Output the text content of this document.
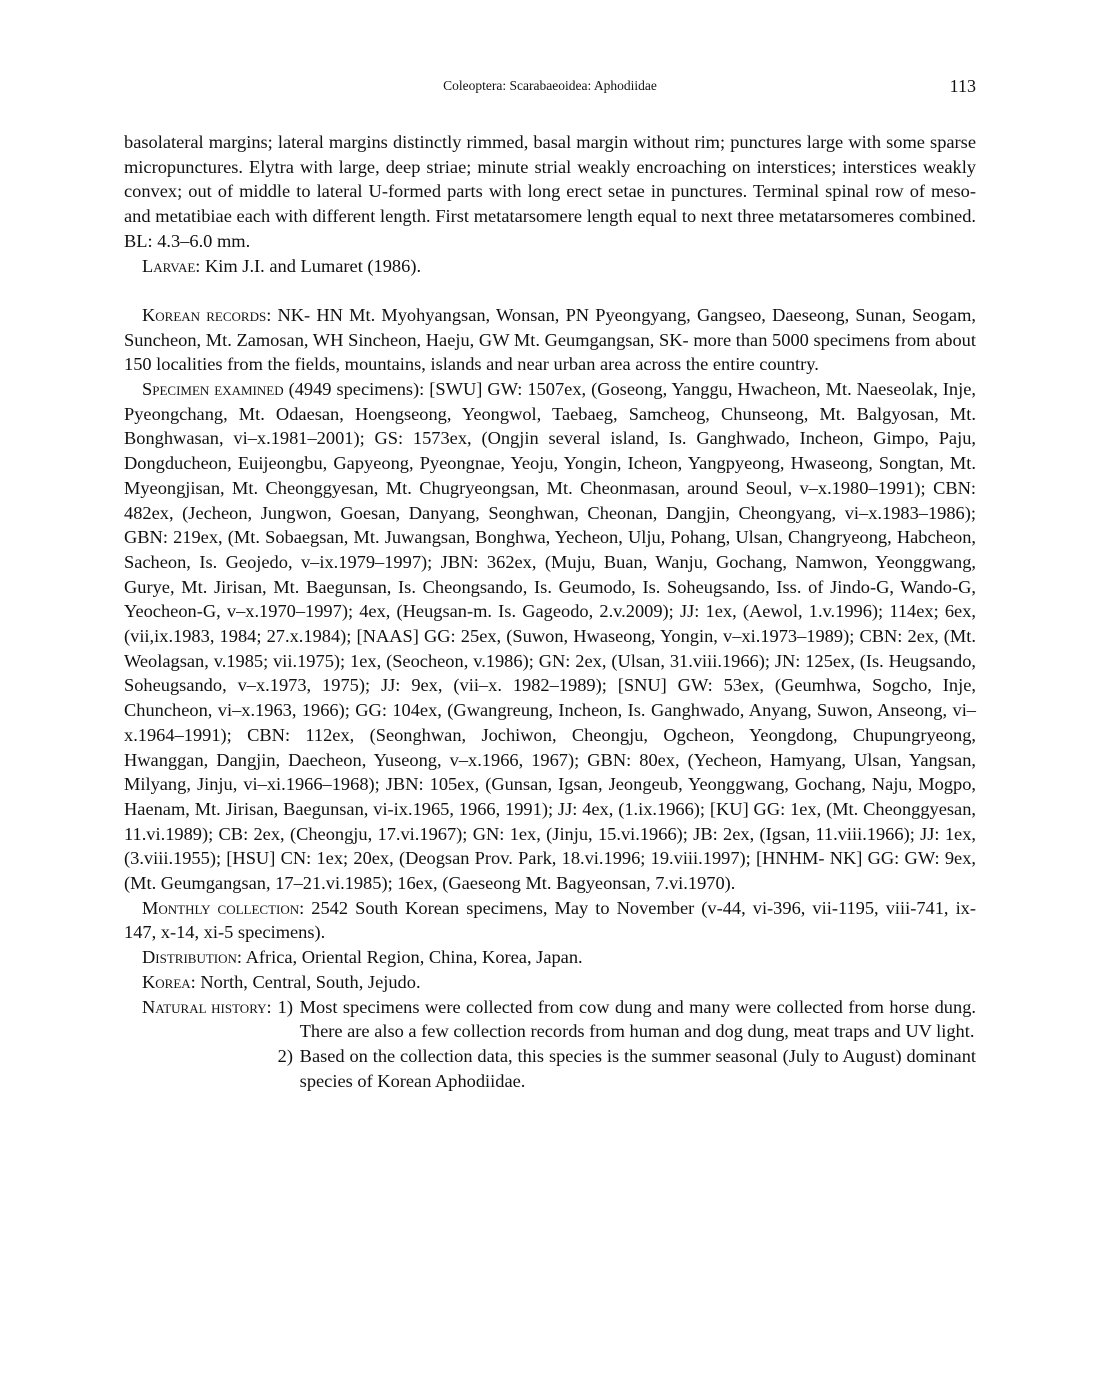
Coleoptera: Scarabaeoidea: Aphodiidae	113

basolateral margins; lateral margins distinctly rimmed, basal margin without rim; punctures large with some sparse micropunctures. Elytra with large, deep striae; minute strial weakly encroaching on interstices; interstices weakly convex; out of middle to lateral U-formed parts with long erect setae in punctures. Terminal spinal row of meso- and metatibiae each with different length. First metatarsomere length equal to next three metatarsomeres combined. BL: 4.3–6.0 mm.

Larvae: Kim J.I. and Lumaret (1986).

Korean records: NK- HN Mt. Myohyangsan, Wonsan, PN Pyeongyang, Gangseo, Daeseong, Sunan, Seogam, Suncheon, Mt. Zamosan, WH Sincheon, Haeju, GW Mt. Geumgangsan, SK- more than 5000 specimens from about 150 localities from the fields, mountains, islands and near urban area across the entire country.

Specimen examined (4949 specimens): [SWU] GW: 1507ex, (Goseong, Yanggu, Hwacheon, Mt. Naeseolak, Inje, Pyeongchang, Mt. Odaesan, Hoengseong, Yeongwol, Taebaeg, Samcheog, Chunseong, Mt. Balgyosan, Mt. Bonghwasan, vi–x.1981–2001); GS: 1573ex, (Ongjin several island, Is. Ganghwado, Incheon, Gimpo, Paju, Dongducheon, Euijeongbu, Gapyeong, Pyeongnae, Yeoju, Yongin, Icheon, Yangpyeong, Hwaseong, Songtan, Mt. Myeongjisan, Mt. Cheonggyesan, Mt. Chugryeongsan, Mt. Cheonmasan, around Seoul, v–x.1980–1991); CBN: 482ex, (Jecheon, Jungwon, Goesan, Danyang, Seonghwan, Cheonan, Dangjin, Cheongyang, vi–x.1983–1986); GBN: 219ex, (Mt. Sobaegsan, Mt. Juwangsan, Bonghwa, Yecheon, Ulju, Pohang, Ulsan, Changryeong, Habcheon, Sacheon, Is. Geojedo, v–ix.1979–1997); JBN: 362ex, (Muju, Buan, Wanju, Gochang, Namwon, Yeonggwang, Gurye, Mt. Jirisan, Mt. Baegunsan, Is. Cheongsando, Is. Geumodo, Is. Soheugsando, Iss. of Jindo-G, Wando-G, Yeocheon-G, v–x.1970–1997); 4ex, (Heugsan-m. Is. Gageodo, 2.v.2009); JJ: 1ex, (Aewol, 1.v.1996); 114ex; 6ex, (vii,ix.1983, 1984; 27.x.1984); [NAAS] GG: 25ex, (Suwon, Hwaseong, Yongin, v–xi.1973–1989); CBN: 2ex, (Mt. Weolagsan, v.1985; vii.1975); 1ex, (Seocheon, v.1986); GN: 2ex, (Ulsan, 31.viii.1966); JN: 125ex, (Is. Heugsando, Soheugsando, v–x.1973, 1975); JJ: 9ex, (vii–x. 1982–1989); [SNU] GW: 53ex, (Geumhwa, Sogcho, Inje, Chuncheon, vi–x.1963, 1966); GG: 104ex, (Gwangreung, Incheon, Is. Ganghwado, Anyang, Suwon, Anseong, vi–x.1964–1991); CBN: 112ex, (Seonghwan, Jochiwon, Cheongju, Ogcheon, Yeongdong, Chupungryeong, Hwanggan, Dangjin, Daecheon, Yuseong, v–x.1966, 1967); GBN: 80ex, (Yecheon, Hamyang, Ulsan, Yangsan, Milyang, Jinju, vi–xi.1966–1968); JBN: 105ex, (Gunsan, Igsan, Jeongeub, Yeonggwang, Gochang, Naju, Mogpo, Haenam, Mt. Jirisan, Baegunsan, vi-ix.1965, 1966, 1991); JJ: 4ex, (1.ix.1966); [KU] GG: 1ex, (Mt. Cheonggyesan, 11.vi.1989); CB: 2ex, (Cheongju, 17.vi.1967); GN: 1ex, (Jinju, 15.vi.1966); JB: 2ex, (Igsan, 11.viii.1966); JJ: 1ex, (3.viii.1955); [HSU] CN: 1ex; 20ex, (Deogsan Prov. Park, 18.vi.1996; 19.viii.1997); [HNHM- NK] GG: GW: 9ex, (Mt. Geumgangsan, 17–21.vi.1985); 16ex, (Gaeseong Mt. Bagyeonsan, 7.vi.1970).

Monthly collection: 2542 South Korean specimens, May to November (v-44, vi-396, vii-1195, viii-741, ix-147, x-14, xi-5 specimens).

Distribution: Africa, Oriental Region, China, Korea, Japan.

Korea: North, Central, South, Jejudo.

Natural history: 1) Most specimens were collected from cow dung and many were collected from horse dung. There are also a few collection records from human and dog dung, meat traps and UV light.
2) Based on the collection data, this species is the summer seasonal (July to August) dominant species of Korean Aphodiidae.
